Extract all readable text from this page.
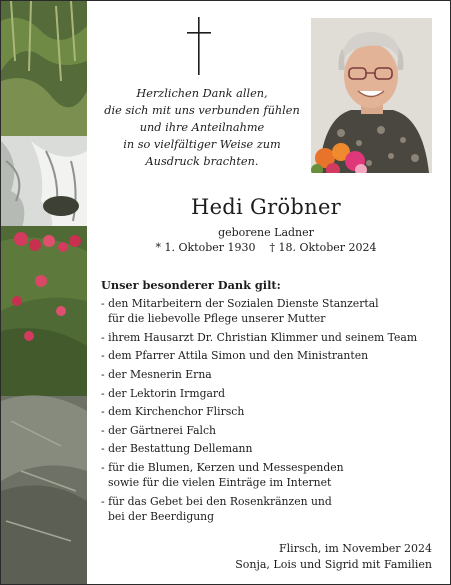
Herzlichen Dank allen,
die sich mit uns verbunden fühlen
und ihre Anteilnahme
in so vielfältiger Weise zum
Ausdruck brachten.
Hedi Gröbner
geborene Ladner
* 1. Oktober 1930 † 18. Oktober 2024
Unser besonderer Dank gilt:
- den Mitarbeitern der Sozialen Dienste Stanzertal
für die liebevolle Pflege unserer Mutter
- ihrem Hausarzt Dr. Christian Klimmer und seinem Team
- dem Pfarrer Attila Simon und den Ministranten
- der Mesnerin Erna
- der Lektorin Irmgard
- dem Kirchenchor Flirsch
- der Gärtnerei Falch
- der Bestattung Dellemann
- für die Blumen, Kerzen und Messespenden
sowie für die vielen Einträge im Internet
- für das Gebet bei den Rosenkränzen und
bei der Beerdigung
Flirsch, im November 2024
Sonja, Lois und Sigrid mit Familien
